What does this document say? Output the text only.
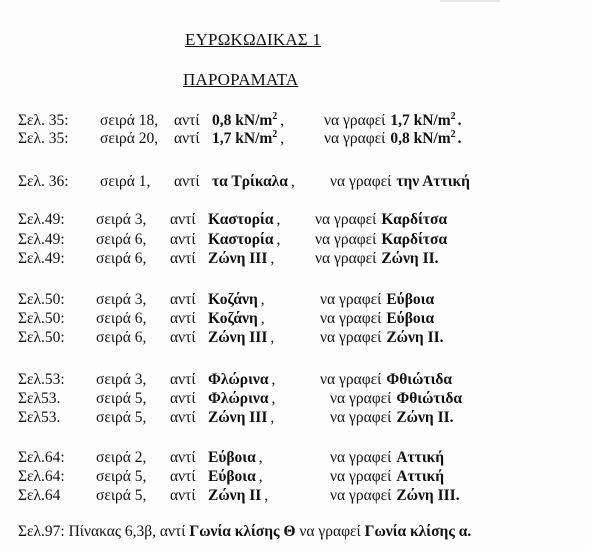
ΕΥΡΩΚΩΔΙΚΑΣ 1
ΠΑΡΟΡΑΜΑΤΑ
Σελ. 35: σειρά 18, αντί 0,8 $kN/m^2$ ,	να γραφεί 1,7 $kN/m^2$ .
Σελ. 35: σειρά 20, αντί 1,7 $kN/m^2$ ,	να γραφεί 0,8 $kN/m^2$ .
Σελ. 36: σειρά 1, αντί τα Τρίκαλα , να γραφεί την Αττική
Σελ.49: σειρά 3, αντί Καστορία , να γραφεί Καρδίτσα
Σελ.49: σειρά 6, αντί Καστορία , να γραφεί Καρδίτσα
Σελ.49: σειρά 6, αντί Ζώνη ΙΙΙ ,	να γραφεί Ζώνη ΙΙ.
Σελ.50: σειρά 3, αντί Κοζάνη ,	να γραφεί Εύβοια
Σελ.50: σειρά 6, αντί Κοζάνη ,	να γραφεί Εύβοια
Σελ.50: σειρά 6, αντί Ζώνη ΙΙΙ ,	να γραφεί Ζώνη ΙΙ.
Σελ.53: σειρά 3, αντί Φλώρινα ,	να γραφεί Φθιώτιδα
Σελ53. σειρά 5, αντί Φλώρινα ,	να γραφεί Φθιώτιδα
Σελ53. σειρά 5, αντί Ζώνη ΙΙΙ ,	να γραφεί Ζώνη ΙΙ.
Σελ.64: σειρά 2, αντί Εύβοια ,	να γραφεί Αττική
Σελ.64: σειρά 5, αντί Εύβοια ,	να γραφεί Αττική
Σελ.64 σειρά 5, αντί Ζώνη ΙΙ ,	να γραφεί Ζώνη ΙΙΙ.
Σελ.97: Πίνακας 6,3β, αντί Γωνία κλίσης Θ να γραφεί Γωνία κλίσης α.
